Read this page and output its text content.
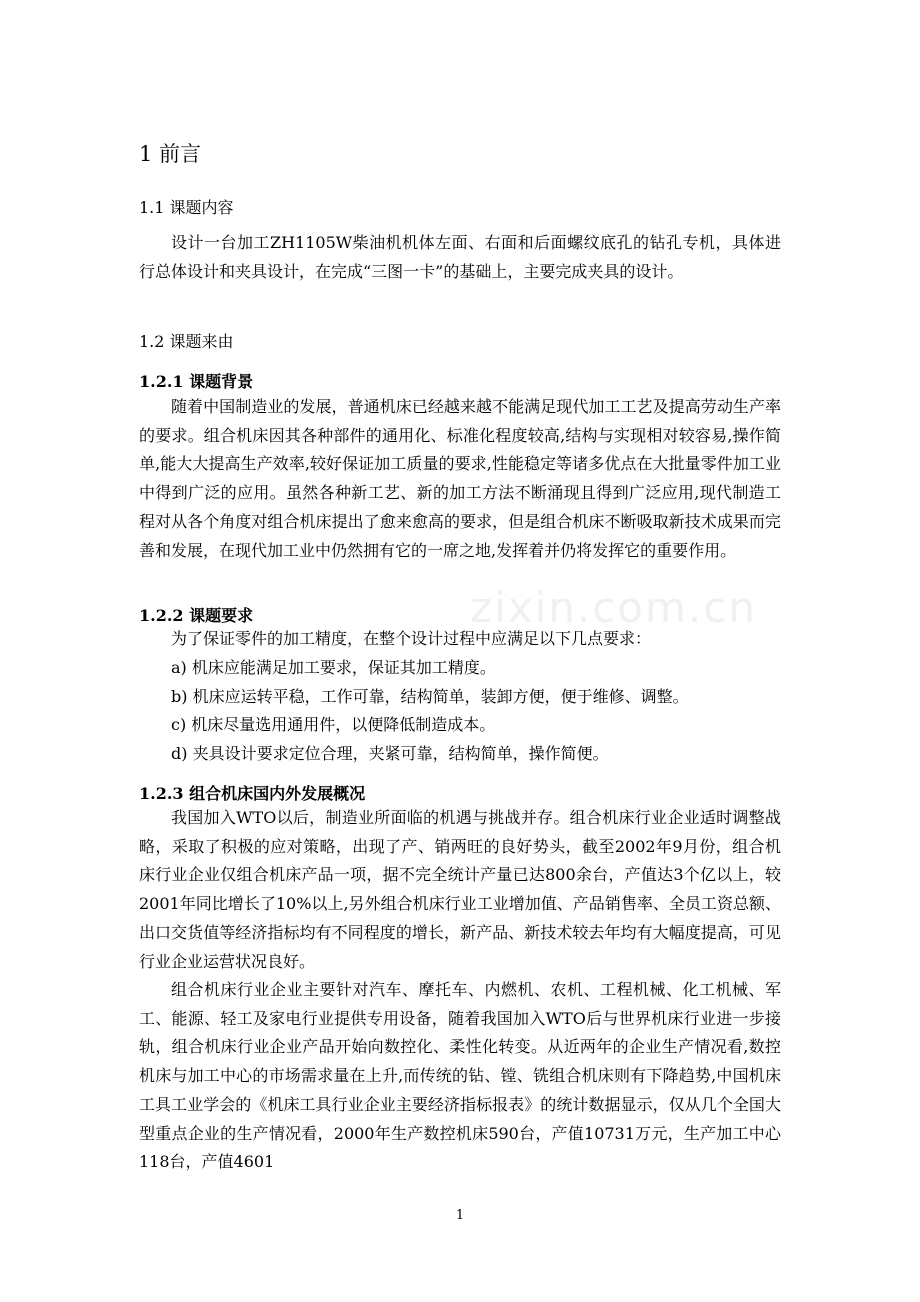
zixin.com.cn
1 前言
1.1 课题内容

设计一台加工ZH1105W柴油机机体左面、右面和后面螺纹底孔的钻孔专机，具体进行总体设计和夹具设计，在完成“三图一卡”的基础上，主要完成夹具的设计。

1.2 课题来由
1.2.1 课题背景

随着中国制造业的发展，普通机床已经越来越不能满足现代加工工艺及提高劳动生产率的要求。组合机床因其各种部件的通用化、标准化程度较高,结构与实现相对较容易,操作简单,能大大提高生产效率,较好保证加工质量的要求,性能稳定等诸多优点在大批量零件加工业中得到广泛的应用。虽然各种新工艺、新的加工方法不断涌现且得到广泛应用,现代制造工程对从各个角度对组合机床提出了愈来愈高的要求，但是组合机床不断吸取新技术成果而完善和发展，在现代加工业中仍然拥有它的一席之地,发挥着并仍将发挥它的重要作用。

1.2.2 课题要求

为了保证零件的加工精度，在整个设计过程中应满足以下几点要求：

a) 机床应能满足加工要求，保证其加工精度。
b) 机床应运转平稳，工作可靠，结构简单，装卸方便，便于维修、调整。
c) 机床尽量选用通用件，以便降低制造成本。
d) 夹具设计要求定位合理，夹紧可靠，结构简单，操作简便。
1.2.3 组合机床国内外发展概况

我国加入WTO以后，制造业所面临的机遇与挑战并存。组合机床行业企业适时调整战略，采取了积极的应对策略，出现了产、销两旺的良好势头，截至2002年9月份，组合机床行业企业仅组合机床产品一项，据不完全统计产量已达800余台，产值达3个亿以上，较2001年同比增长了10%以上,另外组合机床行业工业增加值、产品销售率、全员工资总额、出口交货值等经济指标均有不同程度的增长，新产品、新技术较去年均有大幅度提高，可见行业企业运营状况良好。

组合机床行业企业主要针对汽车、摩托车、内燃机、农机、工程机械、化工机械、军工、能源、轻工及家电行业提供专用设备，随着我国加入WTO后与世界机床行业进一步接轨，组合机床行业企业产品开始向数控化、柔性化转变。从近两年的企业生产情况看,数控机床与加工中心的市场需求量在上升,而传统的钻、镗、铣组合机床则有下降趋势,中国机床工具工业学会的《机床工具行业企业主要经济指标报表》的统计数据显示，仅从几个全国大型重点企业的生产情况看，2000年生产数控机床590台，产值10731万元，生产加工中心118台，产值4601

1
